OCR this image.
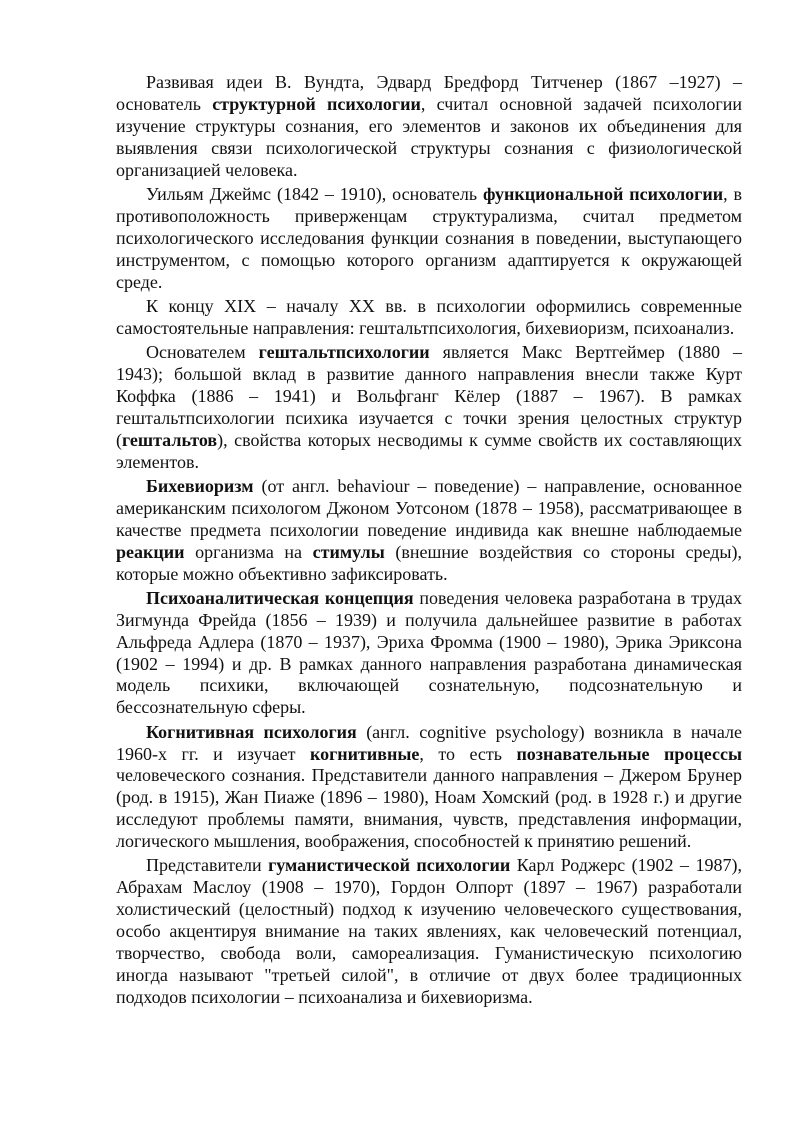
Развивая идеи В. Вундта, Эдвард Бредфорд Титченер (1867 –1927) – основатель структурной психологии, считал основной задачей психологии изучение структуры сознания, его элементов и законов их объединения для выявления связи психологической структуры сознания с физиологической организацией человека.

Уильям Джеймс (1842 – 1910), основатель функциональной психологии, в противоположность приверженцам структурализма, считал предметом психологического исследования функции сознания в поведении, выступающего инструментом, с помощью которого организм адаптируется к окружающей среде.

К концу XIX – началу XX вв. в психологии оформились современные самостоятельные направления: гештальтпсихология, бихевиоризм, психоанализ.

Основателем гештальтпсихологии является Макс Вертгеймер (1880 – 1943); большой вклад в развитие данного направления внесли также Курт Коффка (1886 – 1941) и Вольфганг Кёлер (1887 – 1967). В рамках гештальтпсихологии психика изучается с точки зрения целостных структур (гештальтов), свойства которых несводимы к сумме свойств их составляющих элементов.

Бихевиоризм (от англ. behaviour – поведение) – направление, основанное американским психологом Джоном Уотсоном (1878 – 1958), рассматривающее в качестве предмета психологии поведение индивида как внешне наблюдаемые реакции организма на стимулы (внешние воздействия со стороны среды), которые можно объективно зафиксировать.

Психоаналитическая концепция поведения человека разработана в трудах Зигмунда Фрейда (1856 – 1939) и получила дальнейшее развитие в работах Альфреда Адлера (1870 – 1937), Эриха Фромма (1900 – 1980), Эрика Эриксона (1902 – 1994) и др. В рамках данного направления разработана динамическая модель психики, включающей сознательную, подсознательную и бессознательную сферы.

Когнитивная психология (англ. cognitive psychology) возникла в начале 1960-х гг. и изучает когнитивные, то есть познавательные процессы человеческого сознания. Представители данного направления – Джером Брунер (род. в 1915), Жан Пиаже (1896 – 1980), Ноам Хомский (род. в 1928 г.) и другие исследуют проблемы памяти, внимания, чувств, представления информации, логического мышления, воображения, способностей к принятию решений.

Представители гуманистической психологии Карл Роджерс (1902 – 1987), Абрахам Маслоу (1908 – 1970), Гордон Олпорт (1897 – 1967) разработали холистический (целостный) подход к изучению человеческого существования, особо акцентируя внимание на таких явлениях, как человеческий потенциал, творчество, свобода воли, самореализация. Гуманистическую психологию иногда называют "третьей силой", в отличие от двух более традиционных подходов психологии – психоанализа и бихевиоризма.
